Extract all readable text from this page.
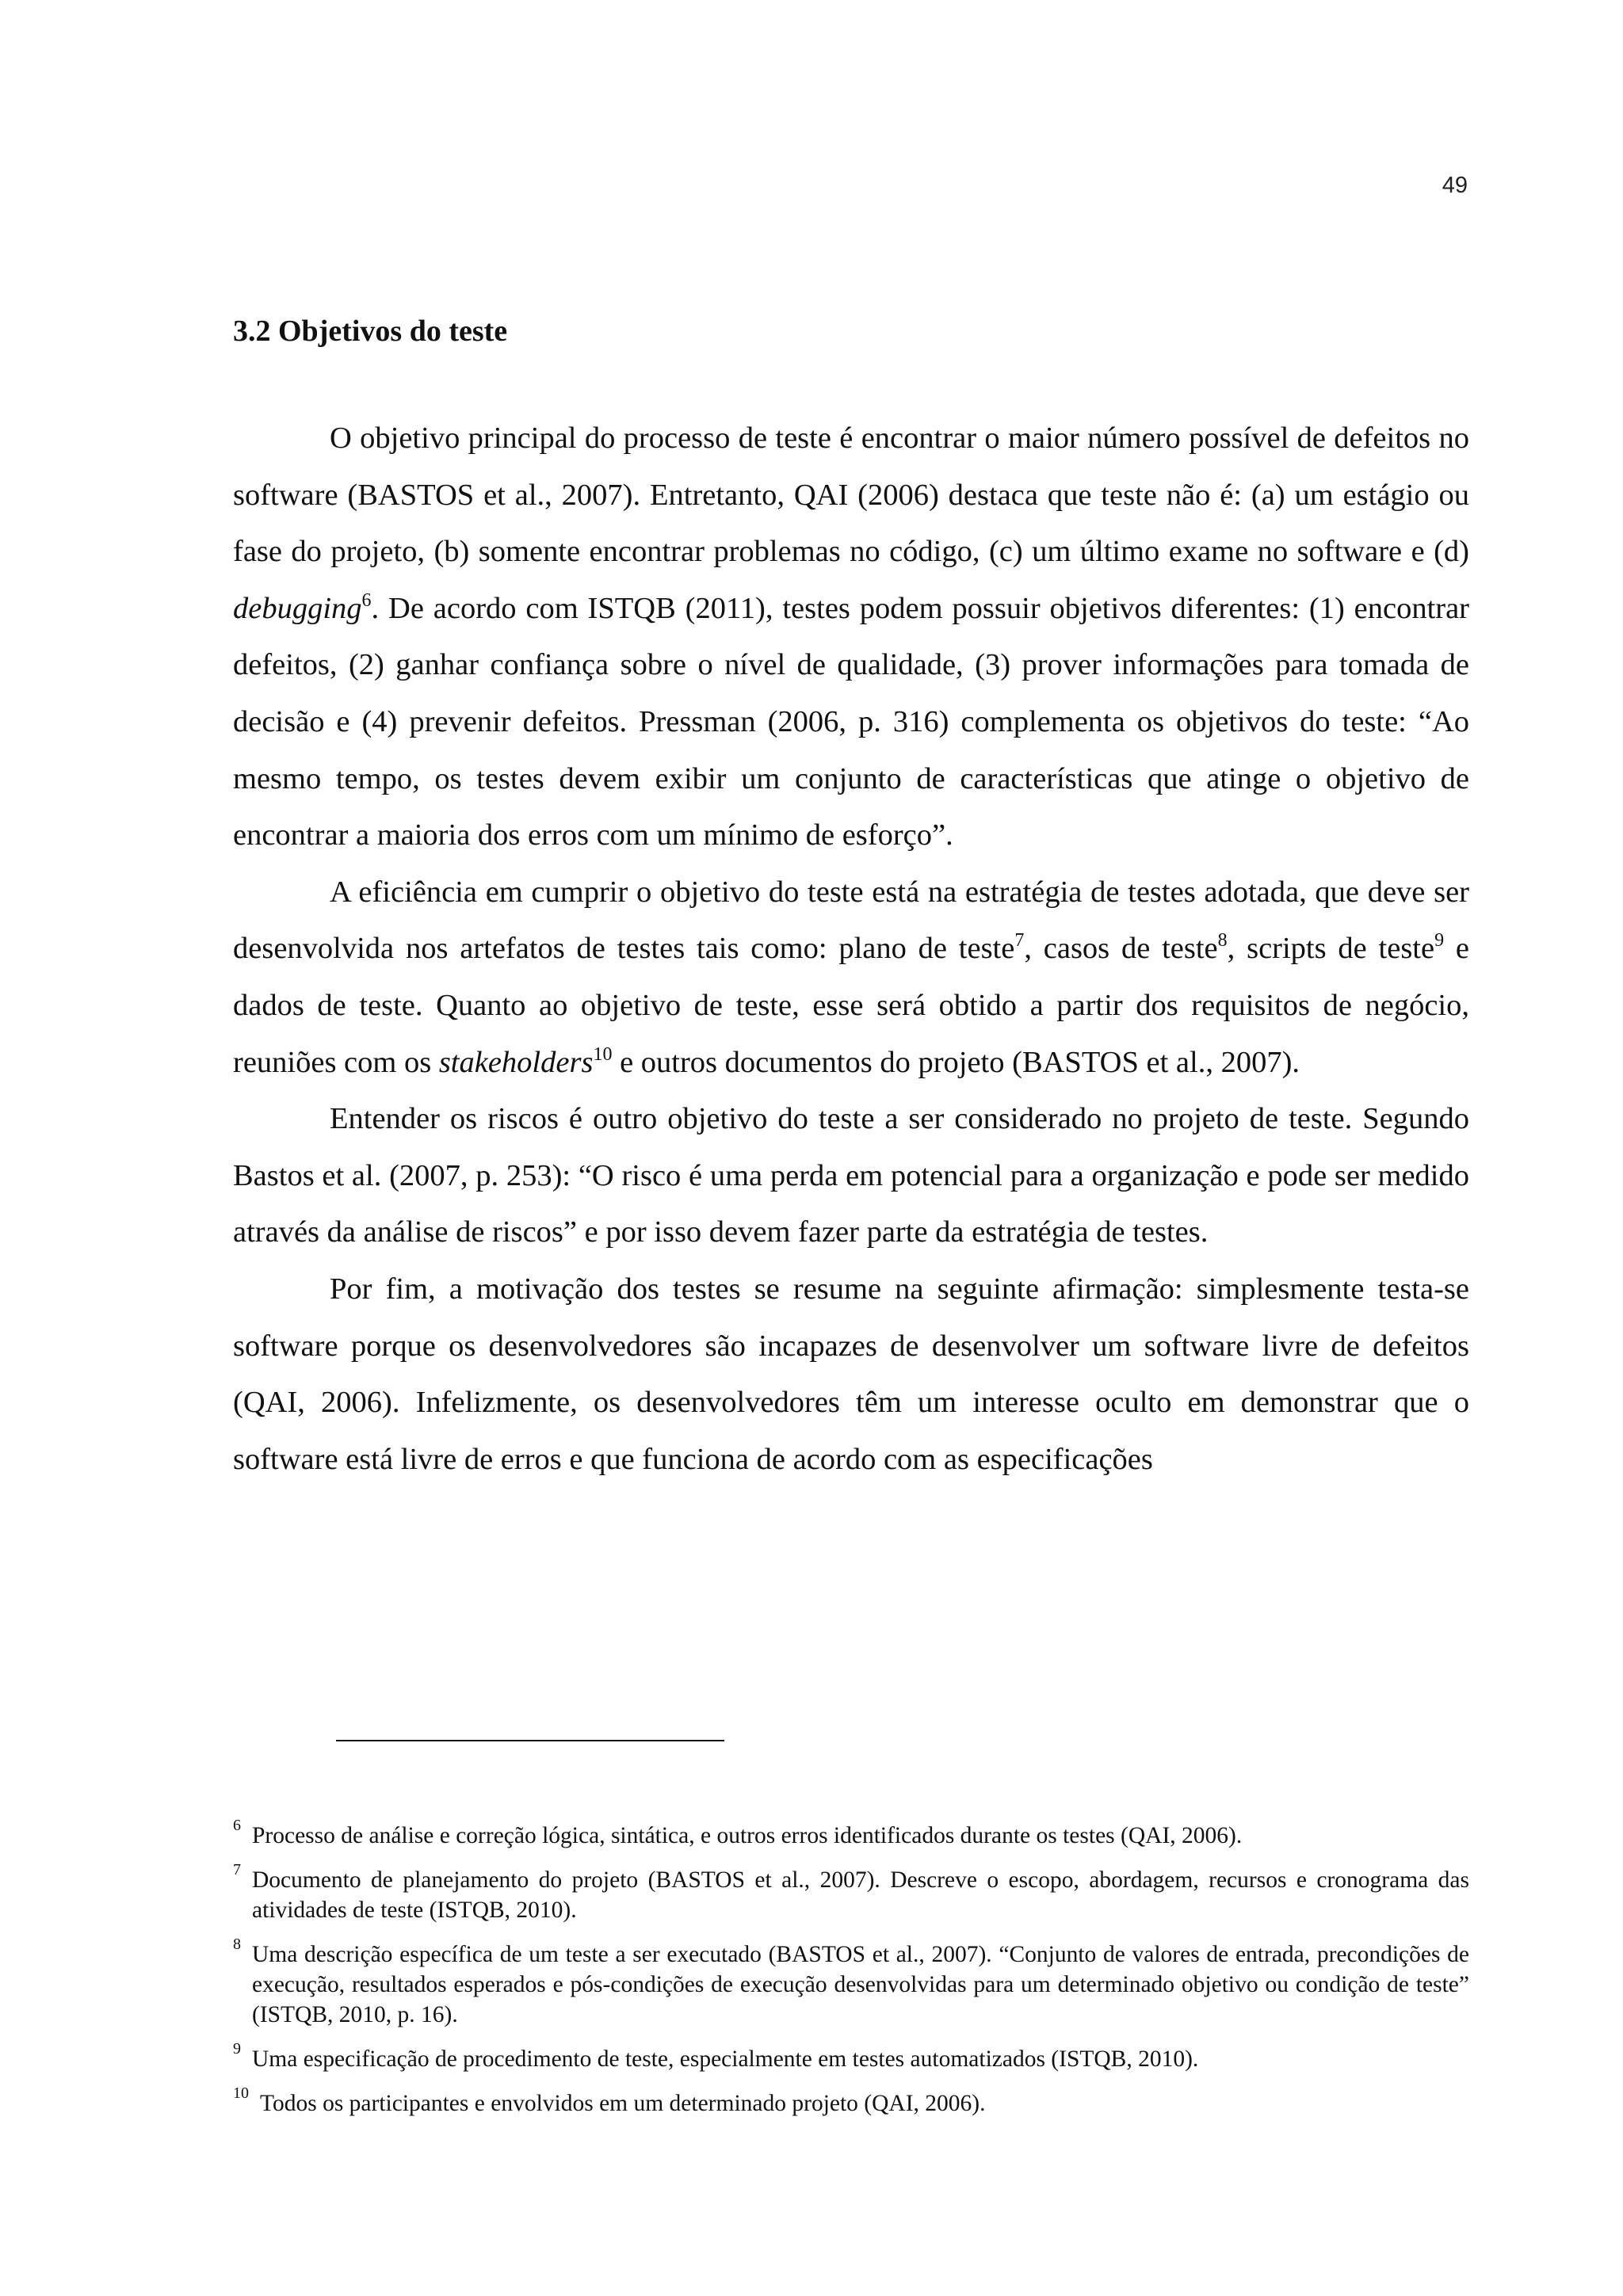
49
3.2 Objetivos do teste

O objetivo principal do processo de teste é encontrar o maior número possível de defeitos no software (BASTOS et al., 2007). Entretanto, QAI (2006) destaca que teste não é: (a) um estágio ou fase do projeto, (b) somente encontrar problemas no código, (c) um último exame no software e (d) debugging$^6$. De acordo com ISTQB (2011), testes podem possuir objetivos diferentes: (1) encontrar defeitos, (2) ganhar confiança sobre o nível de qualidade, (3) prover informações para tomada de decisão e (4) prevenir defeitos. Pressman (2006, p. 316) complementa os objetivos do teste: “Ao mesmo tempo, os testes devem exibir um conjunto de características que atinge o objetivo de encontrar a maioria dos erros com um mínimo de esforço”.

A eficiência em cumprir o objetivo do teste está na estratégia de testes adotada, que deve ser desenvolvida nos artefatos de testes tais como: plano de teste$^7$, casos de teste$^8$, scripts de teste$^9$ e dados de teste. Quanto ao objetivo de teste, esse será obtido a partir dos requisitos de negócio, reuniões com os stakeholders$^{10}$ e outros documentos do projeto (BASTOS et al., 2007).

Entender os riscos é outro objetivo do teste a ser considerado no projeto de teste. Segundo Bastos et al. (2007, p. 253): “O risco é uma perda em potencial para a organização e pode ser medido através da análise de riscos” e por isso devem fazer parte da estratégia de testes.

Por fim, a motivação dos testes se resume na seguinte afirmação: simplesmente testa-se software porque os desenvolvedores são incapazes de desenvolver um software livre de defeitos (QAI, 2006). Infelizmente, os desenvolvedores têm um interesse oculto em demonstrar que o software está livre de erros e que funciona de acordo com as especificações

6 Processo de análise e correção lógica, sintática, e outros erros identificados durante os testes (QAI, 2006).
7 Documento de planejamento do projeto (BASTOS et al., 2007). Descreve o escopo, abordagem, recursos e cronograma das atividades de teste (ISTQB, 2010).
8 Uma descrição específica de um teste a ser executado (BASTOS et al., 2007). “Conjunto de valores de entrada, precondições de execução, resultados esperados e pós-condições de execução desenvolvidas para um determinado objetivo ou condição de teste” (ISTQB, 2010, p. 16).
9 Uma especificação de procedimento de teste, especialmente em testes automatizados (ISTQB, 2010).
10 Todos os participantes e envolvidos em um determinado projeto (QAI, 2006).
